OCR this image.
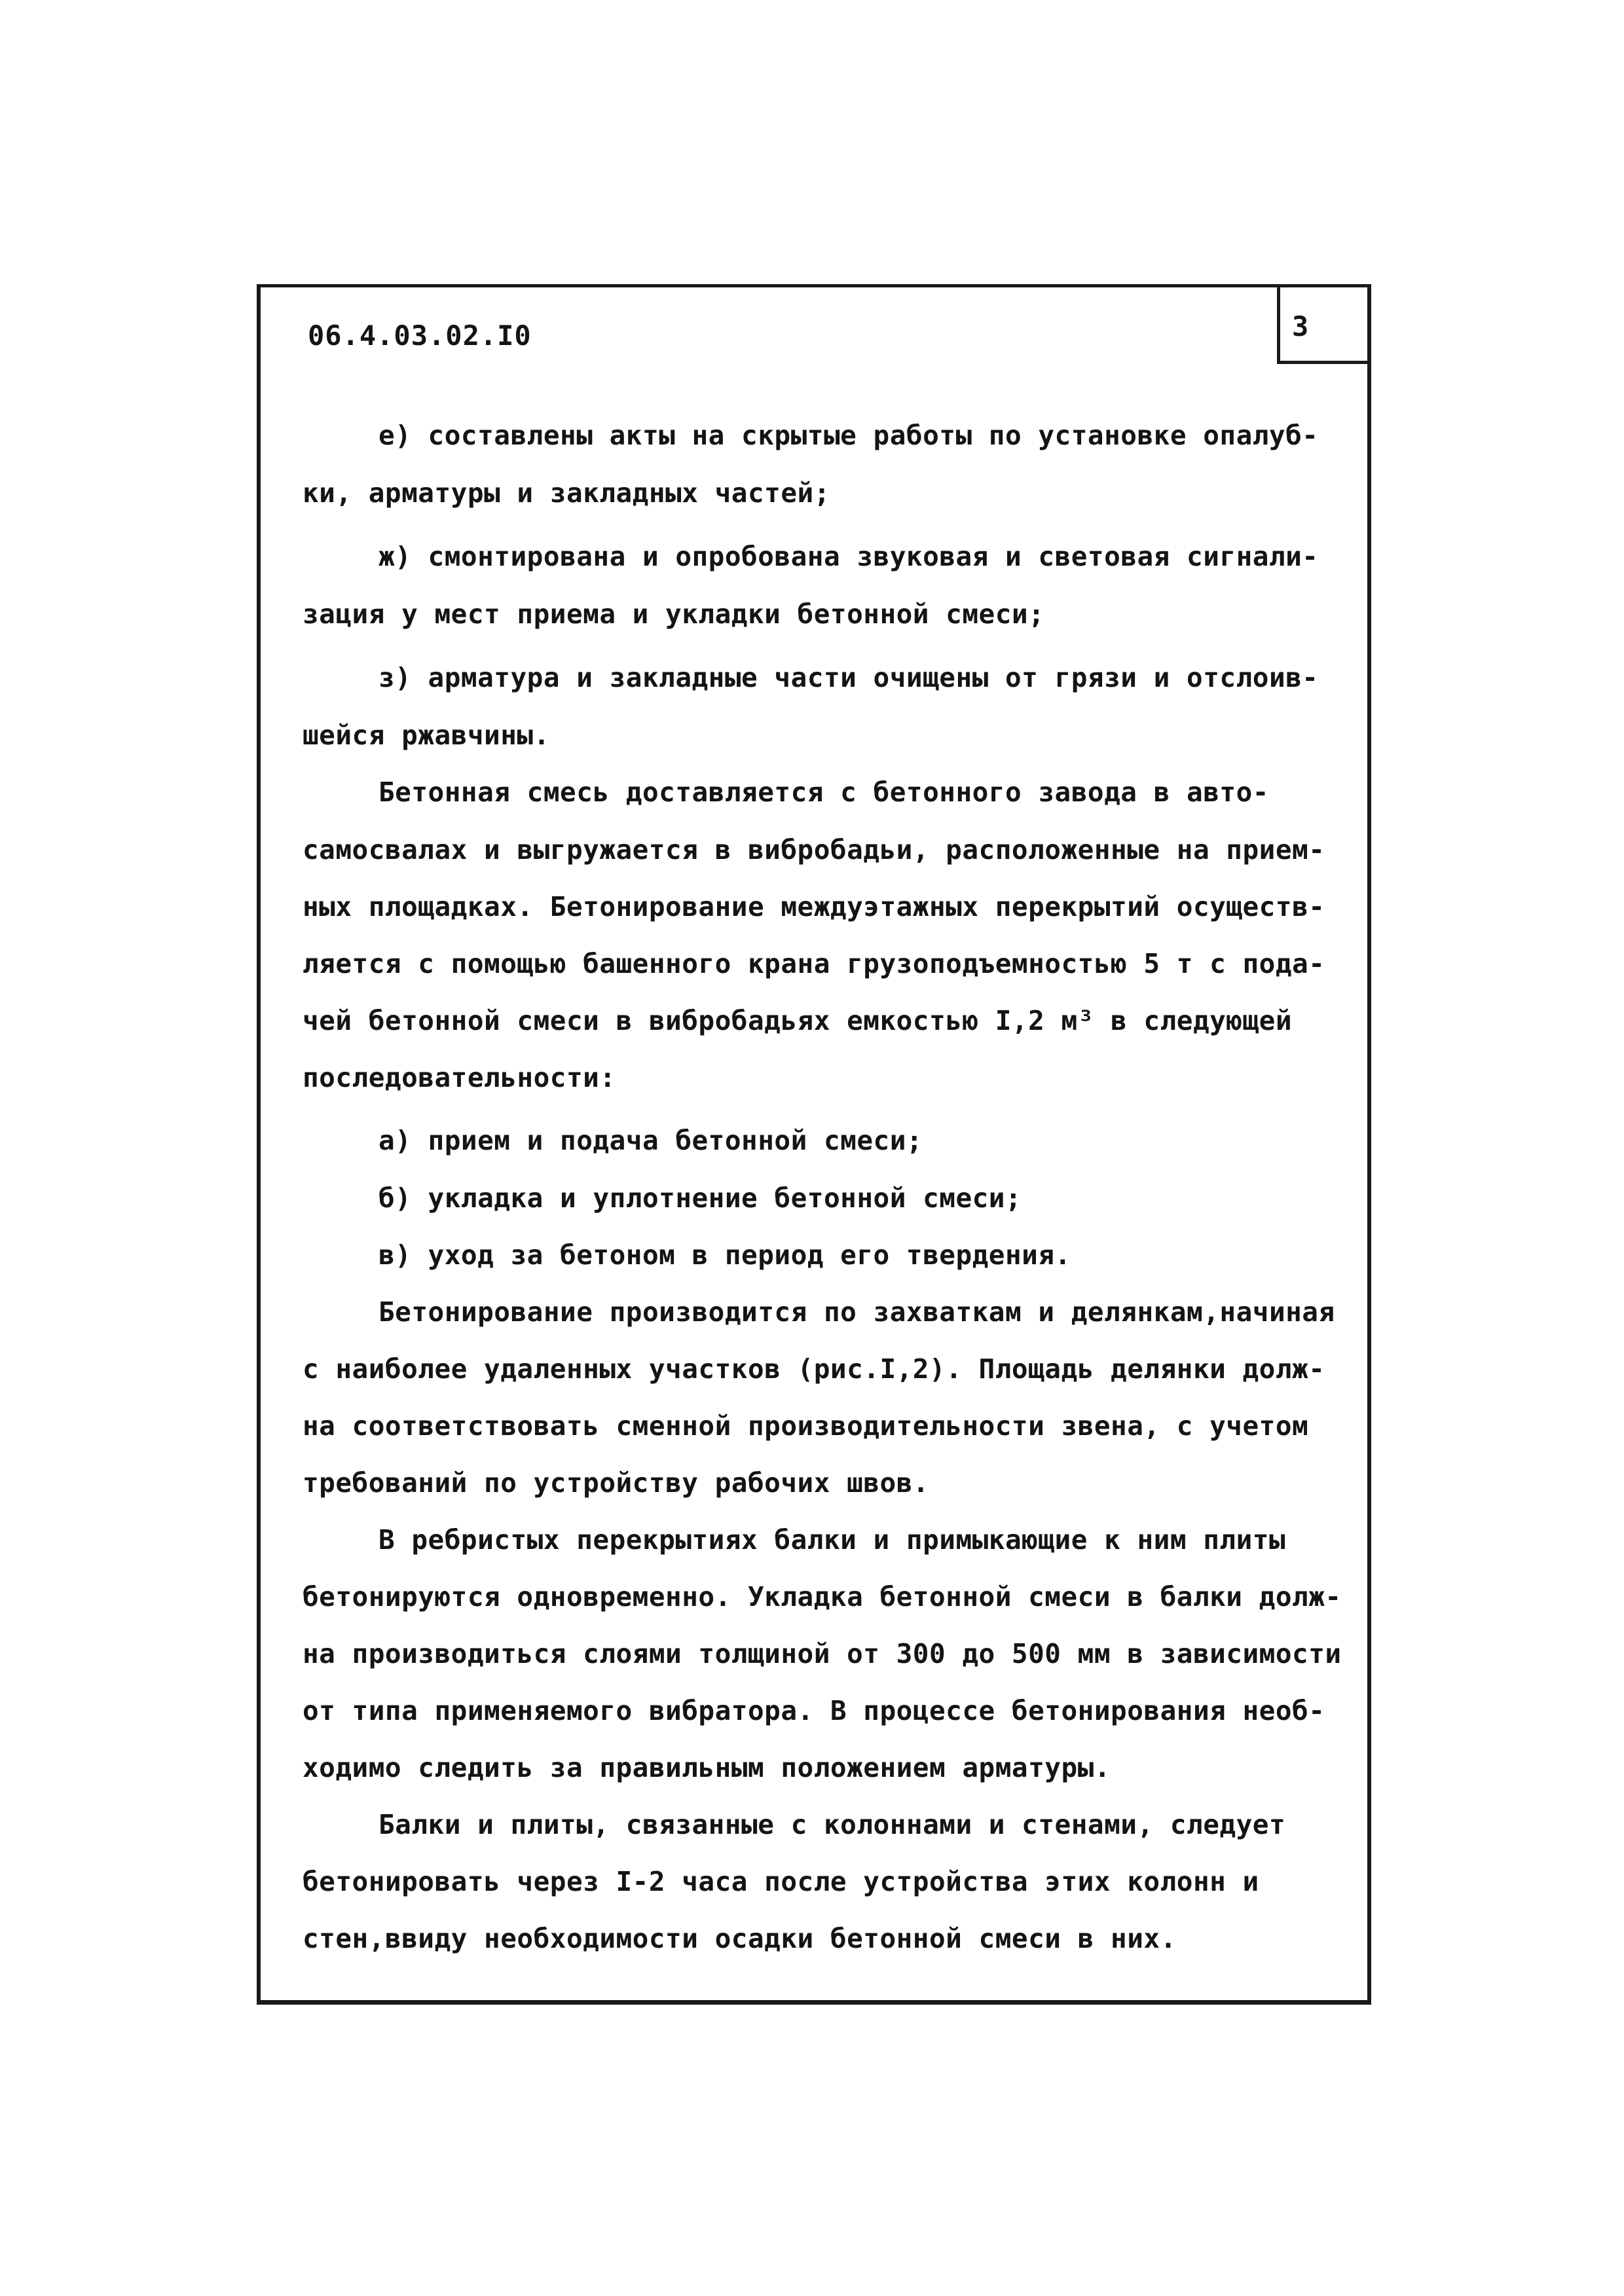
06.4.03.02.I0	3
е) составлены акты на скрытые работы по установке опалуб-
ки, арматуры и закладных частей;
ж) смонтирована и опробована звуковая и световая сигнали-
зация у мест приема и укладки бетонной смеси;
з) арматура и закладные части очищены от грязи и отслоив-
шейся ржавчины.
Бетонная смесь доставляется с бетонного завода в авто-
самосвалах и выгружается в вибробадьи, расположенные на прием-
ных площадках. Бетонирование междуэтажных перекрытий осуществ-
ляется с помощью башенного крана грузоподъемностью 5 т с пода-
чей бетонной смеси в вибробадьях емкостью I,2 м³ в следующей
последовательности:
а) прием и подача бетонной смеси;
б) укладка и уплотнение бетонной смеси;
в) уход за бетоном в период его твердения.
Бетонирование производится по захваткам и делянкам,начиная
с наиболее удаленных участков (рис.I,2). Площадь делянки долж-
на соответствовать сменной производительности звена, с учетом
требований по устройству рабочих швов.
В ребристых перекрытиях балки и примыкающие к ним плиты
бетонируются одновременно. Укладка бетонной смеси в балки долж-
на производиться слоями толщиной от 300 до 500 мм в зависимости
от типа применяемого вибратора. В процессе бетонирования необ-
ходимо следить за правильным положением арматуры.
Балки и плиты, связанные с колоннами и стенами, следует
бетонировать через I-2 часа после устройства этих колонн и
стен,ввиду необходимости осадки бетонной смеси в них.
